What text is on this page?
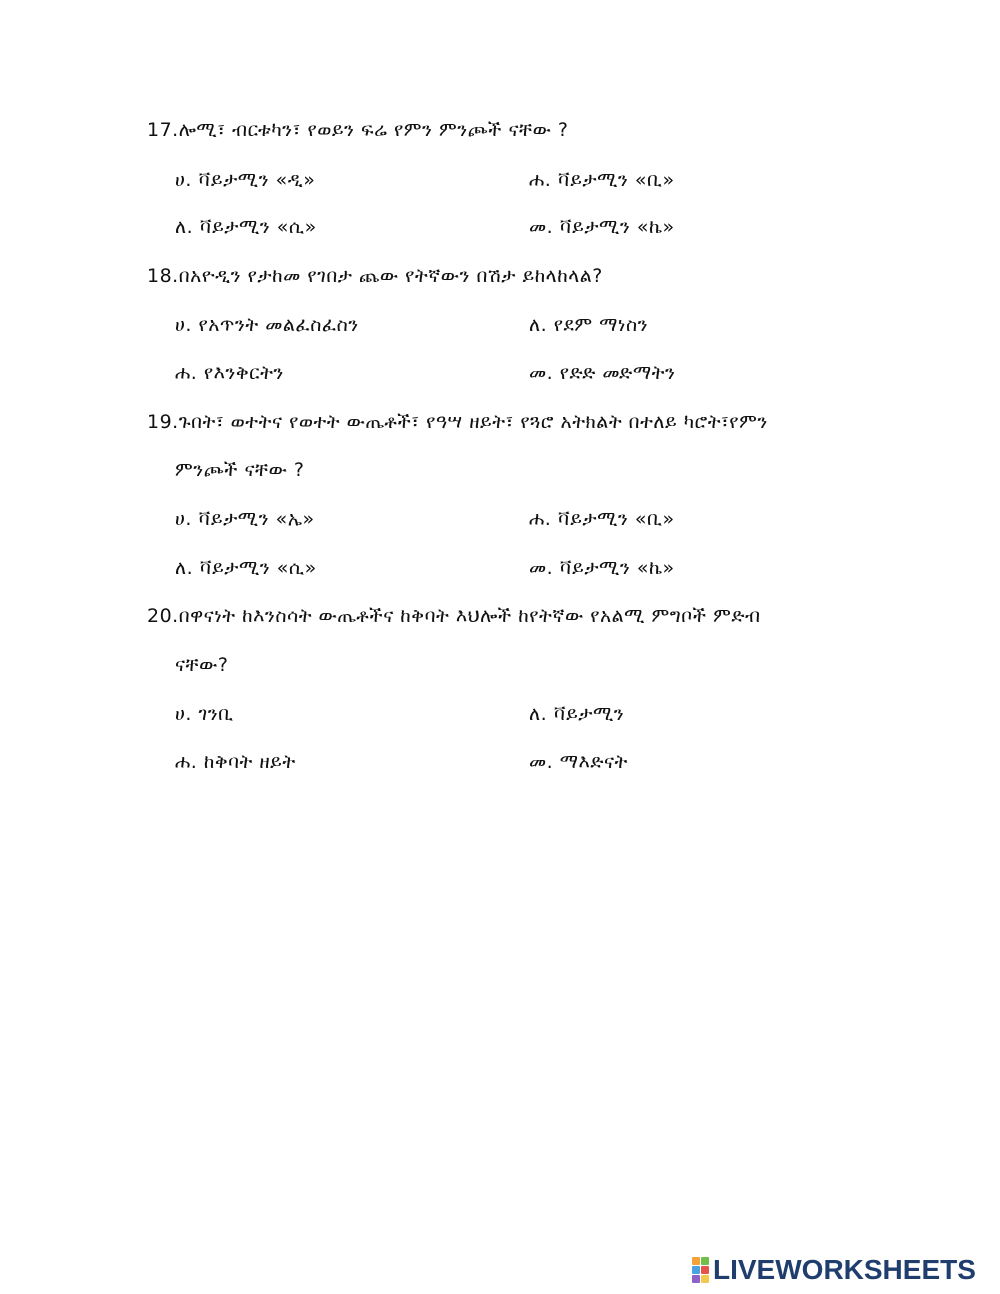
17.ሎሚ፣ ብርቱካን፣ የወይን ፍሬ የምን ምንጮች ናቸው ?
ሀ. ቫይታሚን «ዲ»	ሐ. ቫይታሚን «ቢ»
ለ. ቫይታሚን «ሲ»	መ. ቫይታሚን «ኬ»
18.በአዮዲን የታከመ የገበታ ጨው የትኛውን በሽታ ይከላከላል?
ሀ. የአጥንት መልፈስፈስን	ለ. የደም ማነስን
ሐ. የእንቅርትን	መ. የድድ መድማትን
19.ጉበት፣ ወተትና የወተት ውጤቶች፣ የዓሣ ዘይት፣ የጓሮ አትክልት በተለይ ካሮት፣የምን
ምንጮች ናቸው ?
ሀ. ቫይታሚን «ኤ»	ሐ. ቫይታሚን «ቢ»
ለ. ቫይታሚን «ሲ»	መ. ቫይታሚን «ኬ»
20.በዋናነት ከእንስሳት ውጤቶችና ከቅባት እህሎች ከየትኛው የአልሚ ምግቦች ምድብ
ናቸው?
ሀ. ገንቢ	ለ. ቫይታሚን
ሐ. ከቅባት ዘይት	መ. ማእድናት
LIVEWORKSHEETS
